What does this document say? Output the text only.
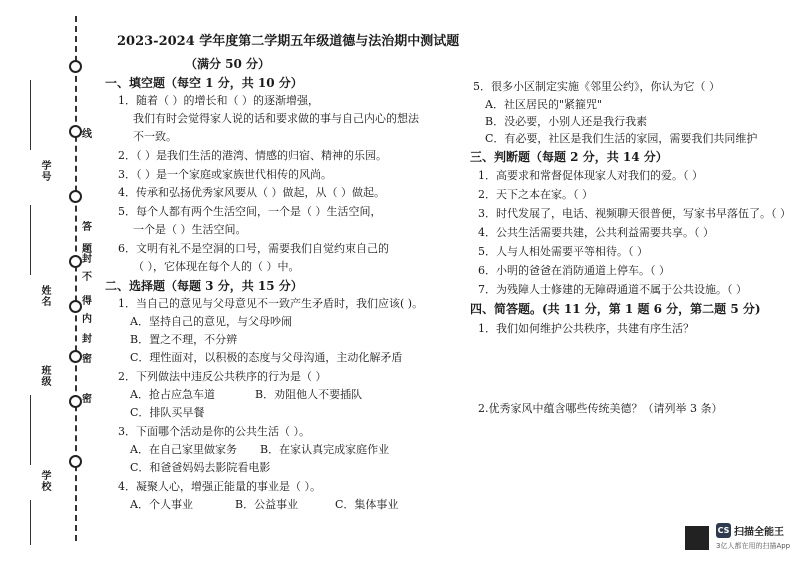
线
封
不
得
答
题
密
封
内
密
学号
姓名
班级
学校
2023-2024 学年度第二学期五年级道德与法治期中测试题
（满分 50 分）
一、填空题（每空 1 分，共 10 分）
1．随着（ ）的增长和（ ）的逐渐增强，
我们有时会觉得家人说的话和要求做的事与自己内心的想法
不一致。
2．（ ）是我们生活的港湾、情感的归宿、精神的乐园。
3．（ ）是一个家庭或家族世代相传的风尚。
4．传承和弘扬优秀家风要从（ ）做起，从（ ）做起。
5．每个人都有两个生活空间，一个是（ ）生活空间，
一个是（ ）生活空间。
6．文明有礼不是空洞的口号，需要我们自觉约束自己的
（ ），它体现在每个人的（ ）中。
二、选择题（每题 3 分，共 15 分）
1．当自己的意见与父母意见不一致产生矛盾时，我们应该( )。
A．坚持自己的意见，与父母吵闹
B．置之不理，不分辨
C．理性面对，以积极的态度与父母沟通，主动化解矛盾
2．下列做法中违反公共秩序的行为是（ ）
A．抢占应急车道	B．劝阻他人不要插队
C．排队买早餐
3．下面哪个活动是你的公共生活（ ）。
A．在自己家里做家务 B．在家认真完成家庭作业
C．和爸爸妈妈去影院看电影
4．凝聚人心，增强正能量的事业是（ ）。
A．个人事业	B．公益事业	C．集体事业
5．很多小区制定实施《邻里公约》，你认为它（ ）
A．社区居民的"紧箍咒"
B．没必要，小别人还是我行我素
C．有必要，社区是我们生活的家园，需要我们共同维护
三、判断题（每题 2 分，共 14 分）
1．高要求和常督促体现家人对我们的爱。（ ）
2．天下之本在家。（ ）
3．时代发展了，电话、视频聊天很普便，写家书早落伍了。（ ）
4．公共生活需要共建，公共利益需要共享。（ ）
5．人与人相处需要平等相待。（ ）
6．小明的爸爸在消防通道上停车。（ ）
7．为残障人士修建的无障碍通道不属于公共设施。（ ）
四、简答题。(共 11 分，第 1 题 6 分，第二题 5 分)
1．我们如何维护公共秩序，共建有序生活？
2.优秀家风中蕴含哪些传统美德？（请列举 3 条）
CS 扫描全能王
3亿人都在用的扫描App
